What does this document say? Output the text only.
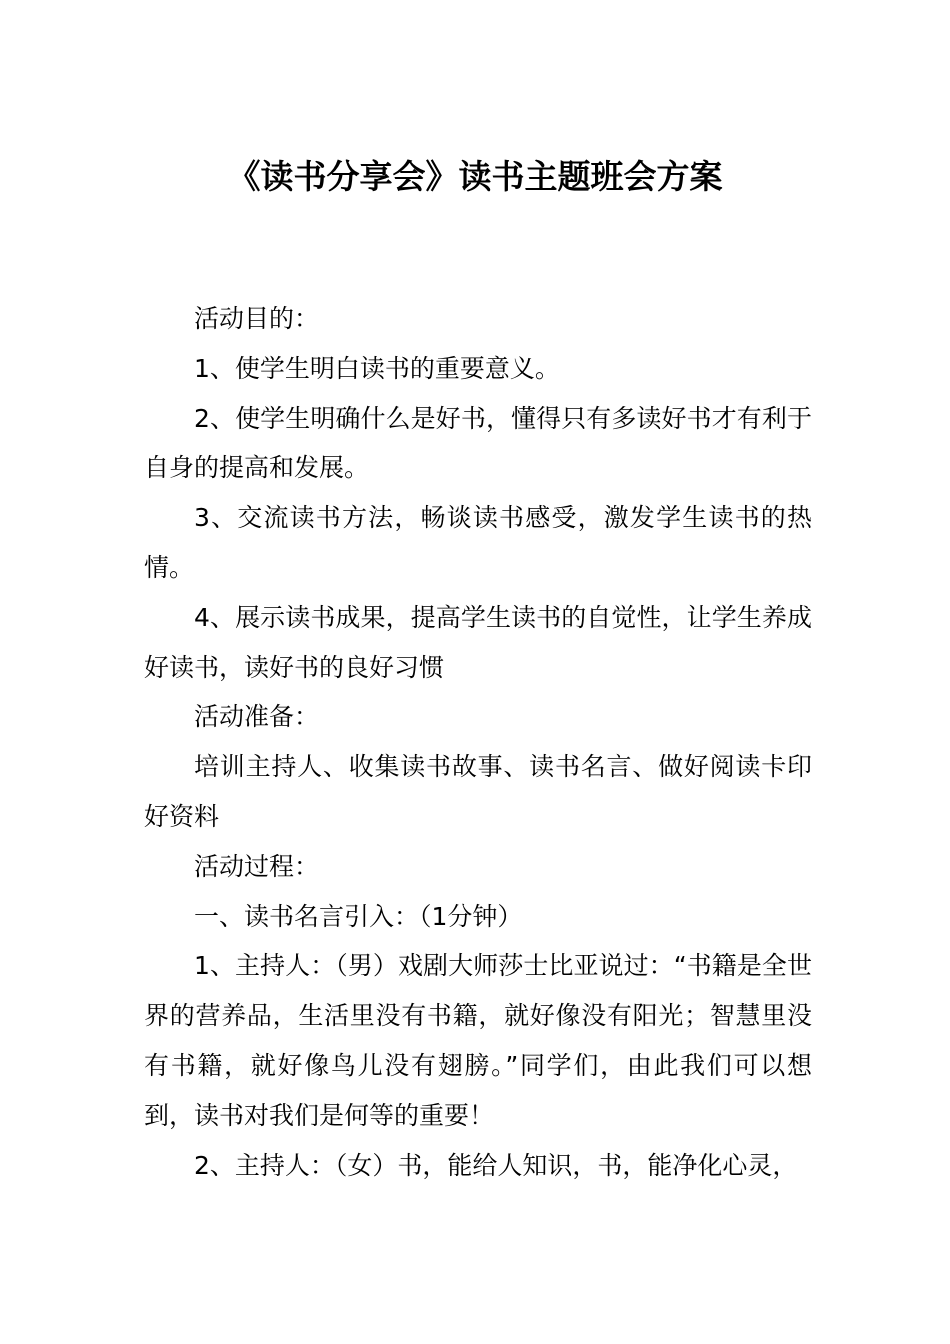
《读书分享会》读书主题班会方案

活动目的：

1、使学生明白读书的重要意义。

2、使学生明确什么是好书，懂得只有多读好书才有利于自身的提高和发展。

3、交流读书方法，畅谈读书感受，激发学生读书的热情。

4、展示读书成果，提高学生读书的自觉性，让学生养成好读书，读好书的良好习惯

活动准备：

培训主持人、收集读书故事、读书名言、做好阅读卡印好资料

活动过程：

一、读书名言引入：（1分钟）

1、主持人：（男）戏剧大师莎士比亚说过：“书籍是全世界的营养品，生活里没有书籍，就好像没有阳光；智慧里没有书籍，就好像鸟儿没有翅膀。”同学们，由此我们可以想到，读书对我们是何等的重要！

2、主持人：（女）书，能给人知识，书，能净化心灵，
